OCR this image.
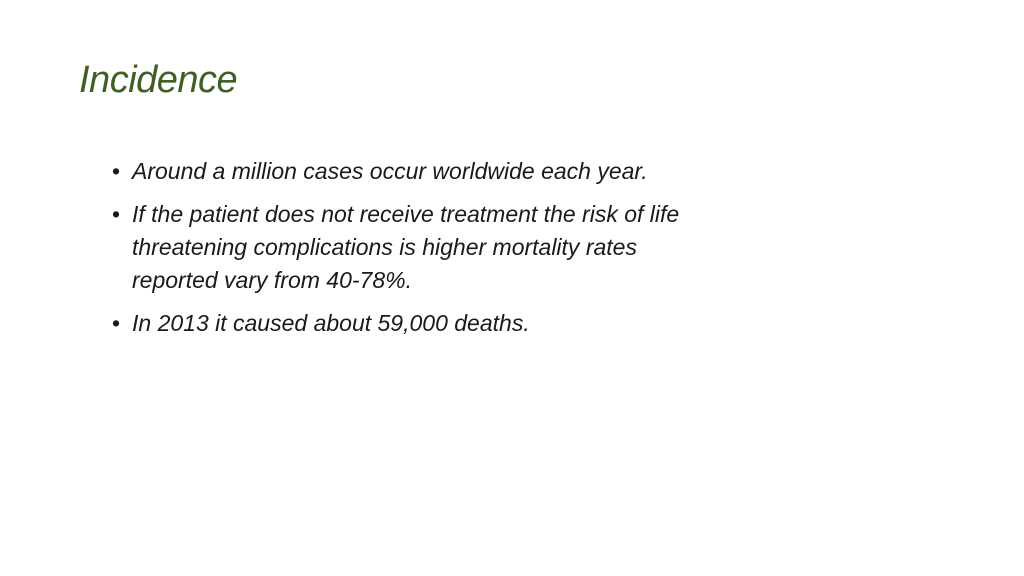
Incidence
• Around a million cases occur worldwide each year.
• If the patient does not receive treatment the risk of life threatening complications is higher mortality rates reported vary from 40-78%.
• In 2013 it caused about 59,000 deaths.
